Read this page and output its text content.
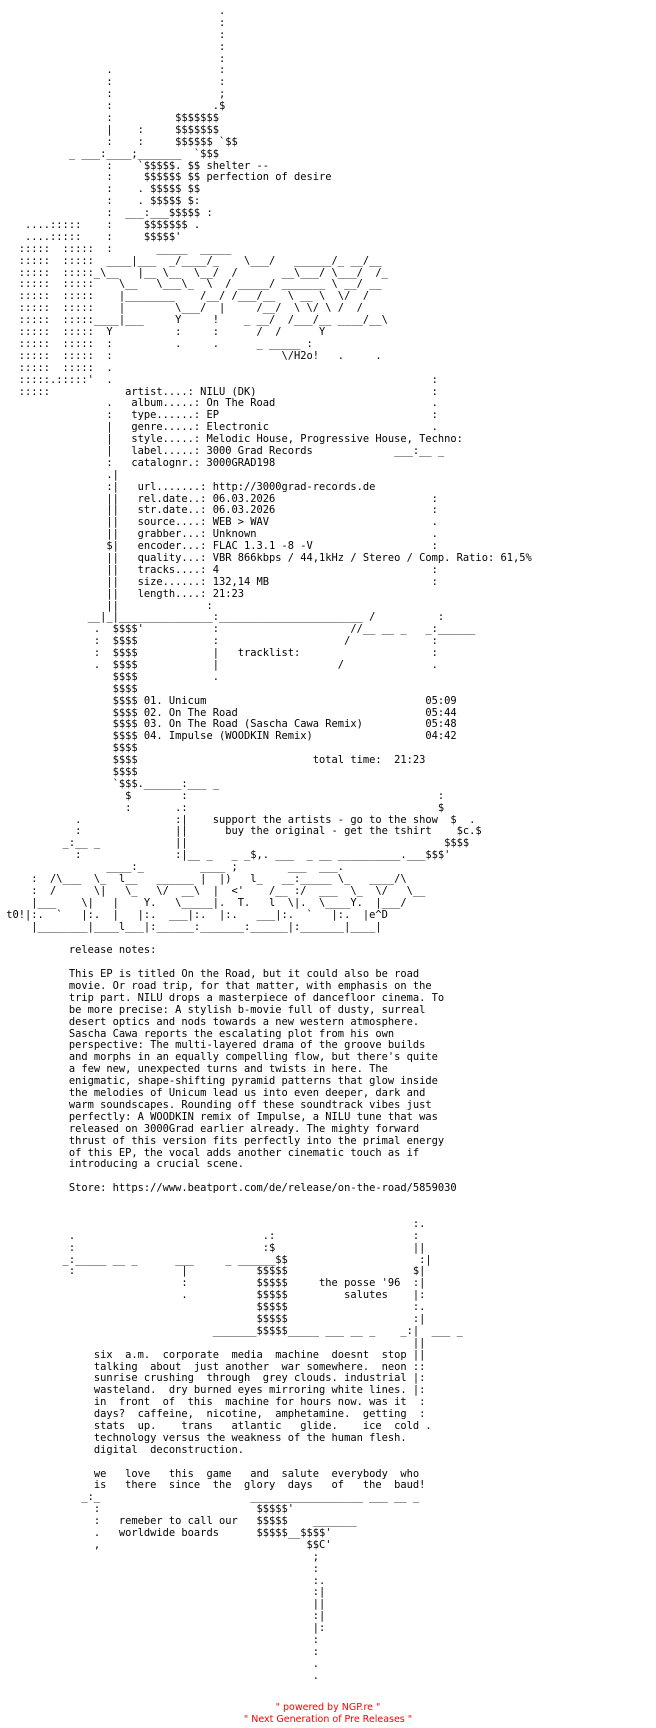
.
:
:
:
:
.                 :
:                 :
:                 ;
:                .$
:          $$$$$$$
|    :     $$$$$$$
:    :     $$$$$$ `$$
_ ___:____;_______  `$$$
:    `$$$$$. $$ shelter --
:     $$$$$$ $$ perfection of desire
:    . $$$$$ $$
:    . $$$$$ $:
:  ___:___$$$$$ :
....:::::    :     $$$$$$$ .
....:::::    :     $$$$$'
:::::  :::::  :       _____  _____
:::::  :::::  ____|___  _/____/_    \___/   ______/_ __/__
:::::  :::::_\__   |__ \__  \__/  /       __\___/ \___/  /_
:::::  :::::    \__   \___\_  \  / _____/ _______ \ __/ __
:::::  :::::    |________    /__/ /___/__  \ __ \  \/  /
:::::  :::::    |        \___/  |     /__/  \ \/ \ /  /
:::::  :::::____|___     Y     !    _ __/  /___/__ ____/__\
:::::  :::::  Y          :     :      /  /      Y
:::::  :::::  :          .     .      _ _____ :
:::::  :::::  :                           \/H2o!   .     .
:::::  :::::  .
:::::.:::::'  .                                                   :
:::::            artist....: NILU (DK)                            :
.   album.....: On The Road                         .
:   type......: EP                                  :
|   genre.....: Electronic                          .
|   style.....: Melodic House, Progressive House, Techno:
|   label.....: 3000 Grad Records             ___:__ _
:   catalognr.: 3000GRAD198
.|
:|   url.......: http://3000grad-records.de
||   rel.date..: 06.03.2026                         :
||   str.date..: 06.03.2026                         :
||   source....: WEB > WAV                          .
||   grabber...: Unknown                            .
$|   encoder...: FLAC 1.3.1 -8 -V                   :
||   quality...: VBR 866kbps / 44,1kHz / Stereo / Comp. Ratio: 61,5%
||   tracks....: 4                                  :
||   size......: 132,14 MB                          :
||   length....: 21:23
||              :
__|_|_______________:_______________________ /          :
.  $$$$'           :                     //__ __ _   _:______
:  $$$$            :                    /             :
:  $$$$            |   tracklist:                     :
.  $$$$            |                   /              .
$$$$            .
$$$$
$$$$ 01. Unicum                                   05:09
$$$$ 02. On The Road                              05:44
$$$$ 03. On The Road (Sascha Cawa Remix)          05:48
$$$$ 04. Impulse (WOODKIN Remix)                  04:42
$$$$
$$$$                            total time:  21:23
$$$$
`$$$.______:___ _
$        :                                        :
:       .:                                        $
.               :|    support the artists - go to the show  $  .
:               ||      buy the original - get the tshirt    $c.$
_:__ _            ||                                         $$$$
:               :|__ _   _ _$,. ___  _ __ __________.___$$$'
____:_         ____ ;        ___  ___.
:  /\___  \_  l__   ______ |  |)   l_   __:_____ \_   ____/\
:  /      \|   \_   \/  __\  |  <'    /__ :/  ___  \_  \/   \__
|___    \|   |    Y.   \_____|.  T.   l  \|.  \____Y.  |___/
t0!|:.  `   |:.  |   |:.  ___|:.  |:.   ___|:.  `   |:.  |e^D
|________|____l___|:______:_______:______|:_______|____|
release notes:
This EP is titled On the Road, but it could also be road
movie. Or road trip, for that matter, with emphasis on the
trip part. NILU drops a masterpiece of dancefloor cinema. To
be more precise: A stylish b-movie full of dusty, surreal
desert optics and nods towards a new western atmosphere.
Sascha Cawa reports the escalating plot from his own
perspective: The multi-layered drama of the groove builds
and morphs in an equally compelling flow, but there's quite
a few new, unexpected turns and twists in here. The
enigmatic, shape-shifting pyramid patterns that glow inside
the melodies of Unicum lead us into even deeper, dark and
warm soundscapes. Rounding off these soundtrack vibes just
perfectly: A WOODKIN remix of Impulse, a NILU tune that was
released on 3000Grad earlier already. The mighty forward
thrust of this version fits perfectly into the primal energy
of this EP, the vocal adds another cinematic touch as if
introducing a crucial scene.
Store: https://www.beatport.com/de/release/on-the-road/5859030
:.
.                              .:                      :
:                              :$                      ||
_:_____ __ _      ___     _ ______$$                     :|
:                 |           $$$$$                    $|
:           $$$$$     the posse '96  :|
.           $$$$$         salutes    |:
$$$$$                    :.
$$$$$                    :|
_______$$$$$_____ ___ __ _    _:|  ___ _
||
six  a.m.  corporate  media  machine  doesnt  stop ||
talking  about  just another  war somewhere.  neon ::
sunrise crushing  through  grey clouds. industrial |:
wasteland.  dry burned eyes mirroring white lines. |:
in  front  of  this  machine for hours now. was it  :
days?  caffeine,  nicotine,  amphetamine.  getting  :
stats  up.    trans   atlantic   glide.    ice  cold .
technology versus the weakness of the human flesh.
digital  deconstruction.
we   love   this  game   and  salute  everybody  who
is   there  since  the  glory  days   of   the  baud!
_:_                        __________________ ___ __ _
:                         $$$$$'
:   remeber to call our   $$$$$    _______
.   worldwide boards      $$$$$__$$$$'
,                                 $$C'
;
:
:.
:|
||
:|
|:
:
:
.
.
" powered by NGP.re "
" Next Generation of Pre Releases "
